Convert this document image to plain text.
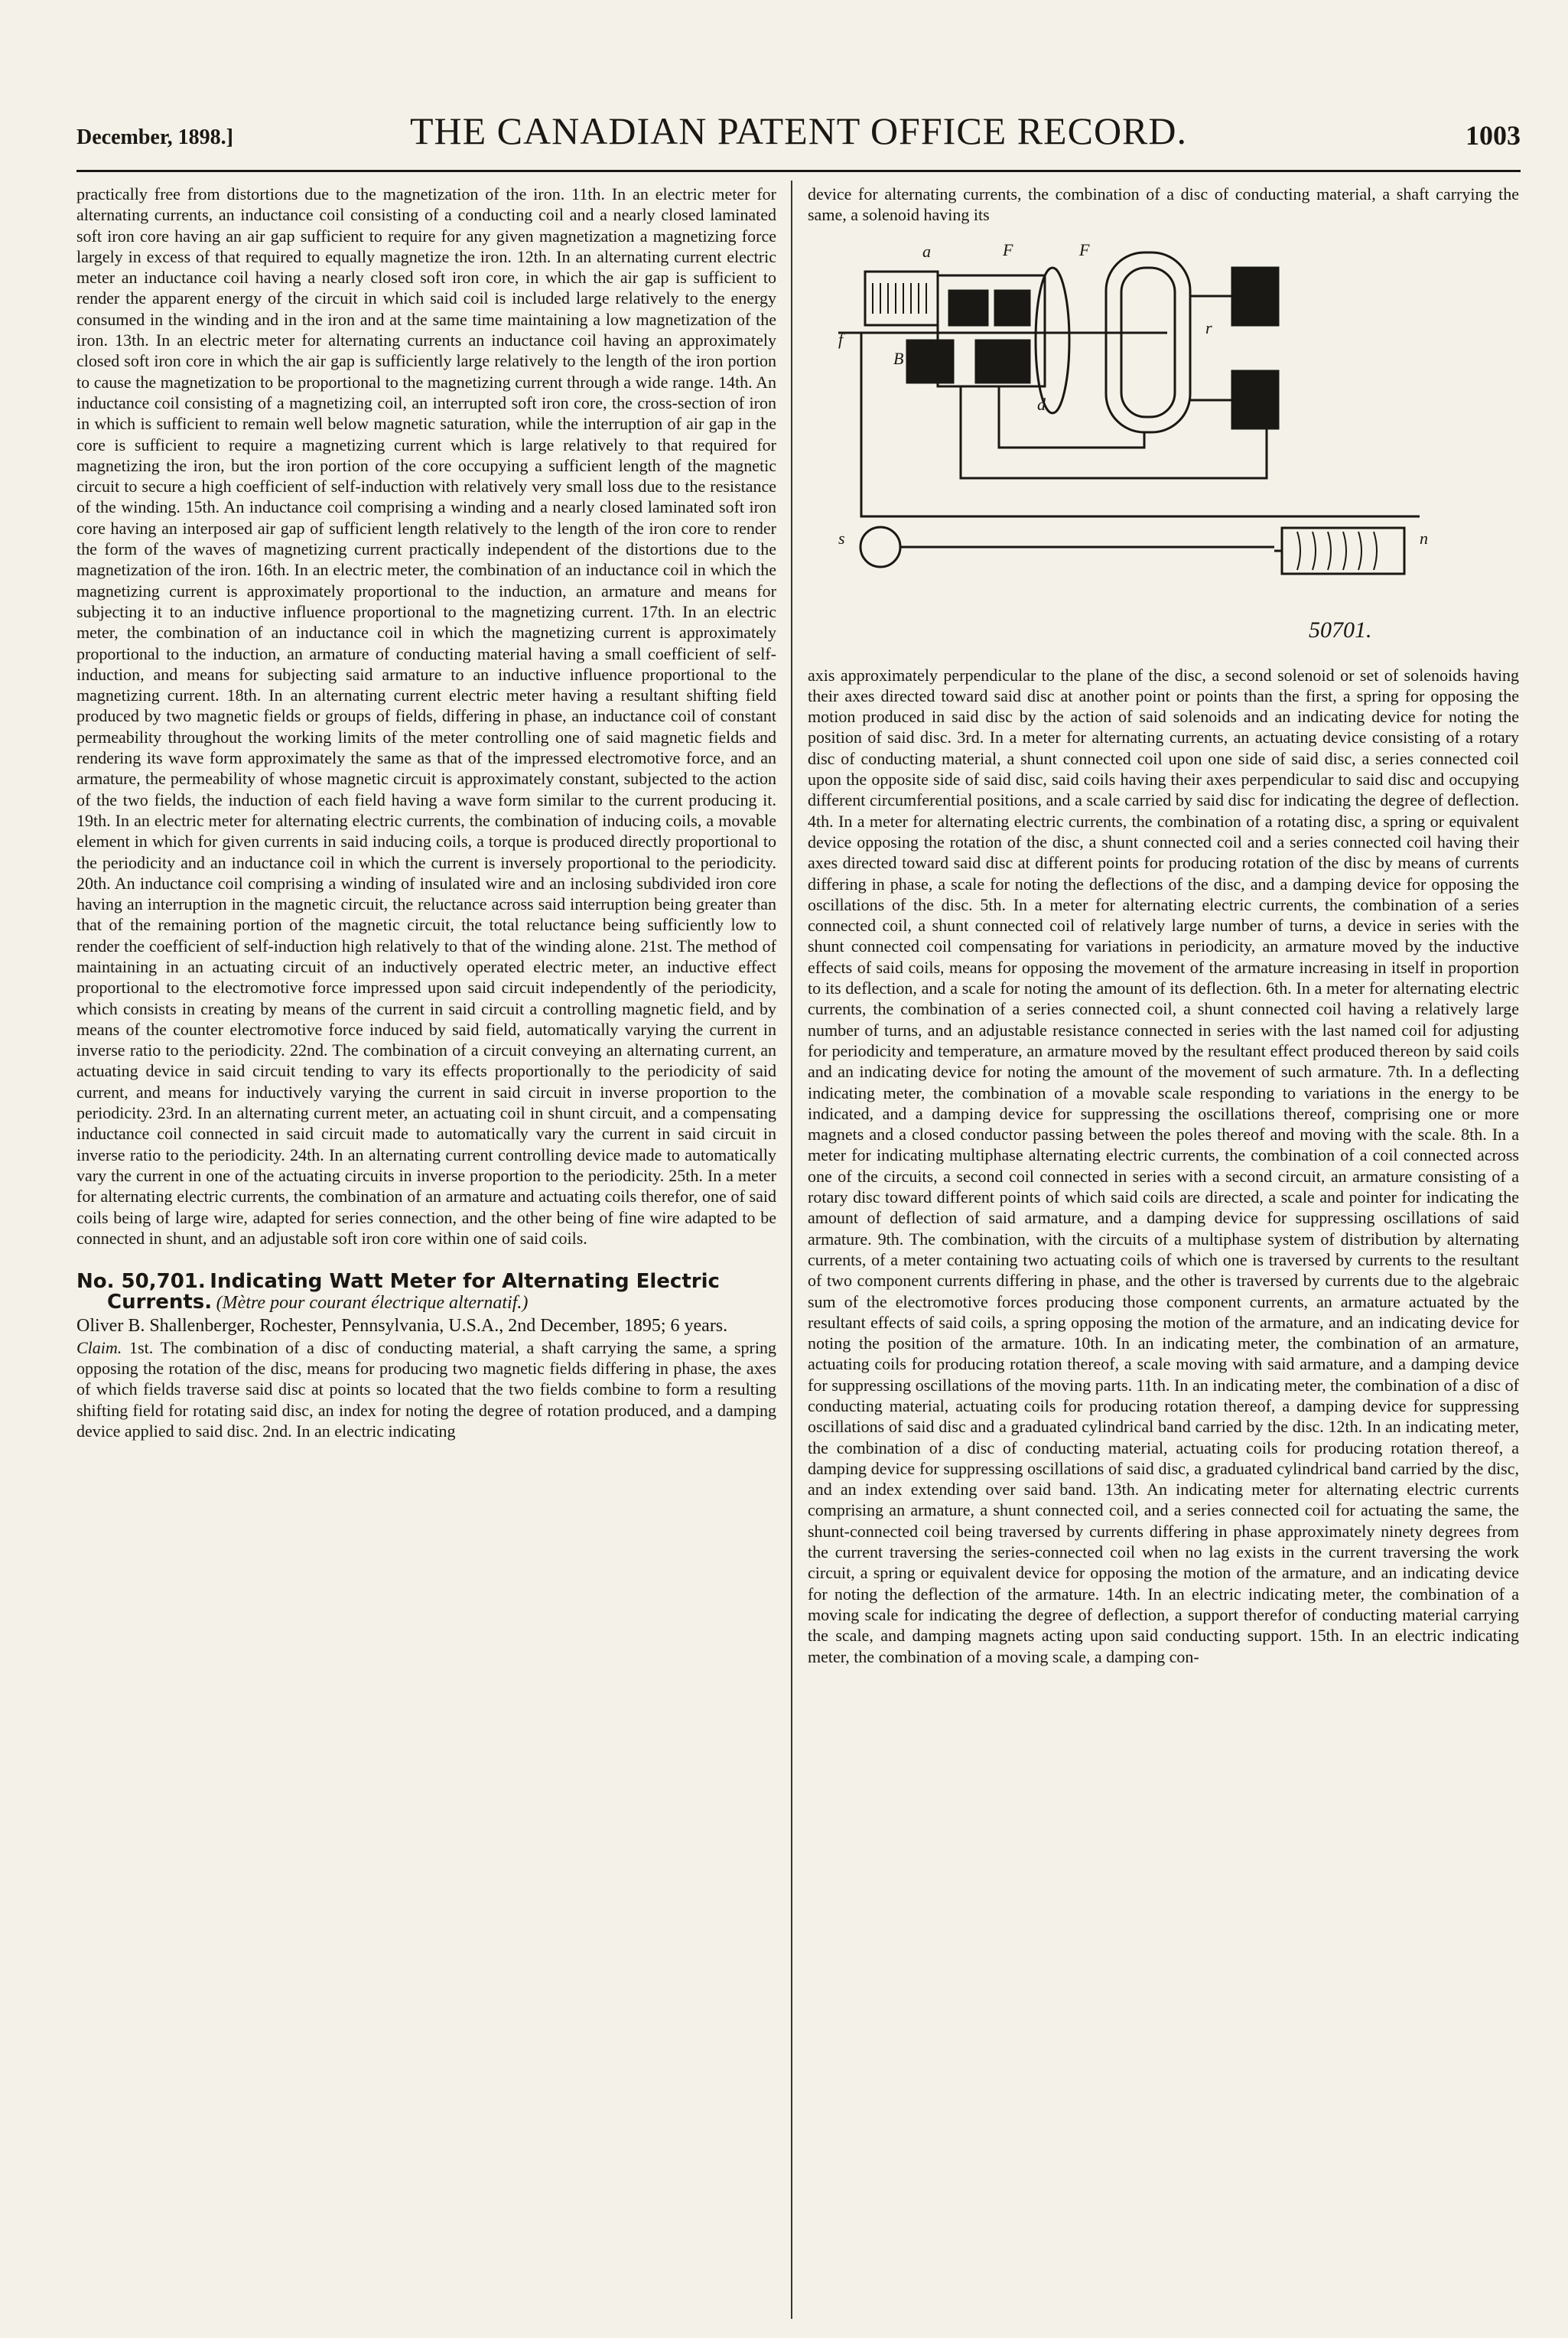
December, 1898.]	THE CANADIAN PATENT OFFICE RECORD.	1003

practically free from distortions due to the magnetization of the iron. 11th. In an electric meter for alternating currents, an inductance coil consisting of a conducting coil and a nearly closed laminated soft iron core having an air gap sufficient to require for any given magnetization a magnetizing force largely in excess of that required to equally magnetize the iron. 12th. In an alternating current electric meter an inductance coil having a nearly closed soft iron core, in which the air gap is sufficient to render the apparent energy of the circuit in which said coil is included large relatively to the energy consumed in the winding and in the iron and at the same time maintaining a low magnetization of the iron. 13th. In an electric meter for alternating currents an inductance coil having an approximately closed soft iron core in which the air gap is sufficiently large relatively to the length of the iron portion to cause the magnetization to be proportional to the magnetizing current through a wide range. 14th. An inductance coil consisting of a magnetizing coil, an interrupted soft iron core, the cross-section of iron in which is sufficient to remain well below magnetic saturation, while the interruption of air gap in the core is sufficient to require a magnetizing current which is large relatively to that required for magnetizing the iron, but the iron portion of the core occupying a sufficient length of the magnetic circuit to secure a high coefficient of self-induction with relatively very small loss due to the resistance of the winding. 15th. An inductance coil comprising a winding and a nearly closed laminated soft iron core having an interposed air gap of sufficient length relatively to the length of the iron core to render the form of the waves of magnetizing current practically independent of the distortions due to the magnetization of the iron. 16th. In an electric meter, the combination of an inductance coil in which the magnetizing current is approximately proportional to the induction, an armature and means for subjecting it to an inductive influence proportional to the magnetizing current. 17th. In an electric meter, the combination of an inductance coil in which the magnetizing current is approximately proportional to the induction, an armature of conducting material having a small coefficient of self-induction, and means for subjecting said armature to an inductive influence proportional to the magnetizing current. 18th. In an alternating current electric meter having a resultant shifting field produced by two magnetic fields or groups of fields, differing in phase, an inductance coil of constant permeability throughout the working limits of the meter controlling one of said magnetic fields and rendering its wave form approximately the same as that of the impressed electromotive force, and an armature, the permeability of whose magnetic circuit is approximately constant, subjected to the action of the two fields, the induction of each field having a wave form similar to the current producing it. 19th. In an electric meter for alternating electric currents, the combination of inducing coils, a movable element in which for given currents in said inducing coils, a torque is produced directly proportional to the periodicity and an inductance coil in which the current is inversely proportional to the periodicity. 20th. An inductance coil comprising a winding of insulated wire and an inclosing subdivided iron core having an interruption in the magnetic circuit, the reluctance across said interruption being greater than that of the remaining portion of the magnetic circuit, the total reluctance being sufficiently low to render the coefficient of self-induction high relatively to that of the winding alone. 21st. The method of maintaining in an actuating circuit of an inductively operated electric meter, an inductive effect proportional to the electromotive force impressed upon said circuit independently of the periodicity, which consists in creating by means of the current in said circuit a controlling magnetic field, and by means of the counter electromotive force induced by said field, automatically varying the current in inverse ratio to the periodicity. 22nd. The combination of a circuit conveying an alternating current, an actuating device in said circuit tending to vary its effects proportionally to the periodicity of said current, and means for inductively varying the current in said circuit in inverse proportion to the periodicity. 23rd. In an alternating current meter, an actuating coil in shunt circuit, and a compensating inductance coil connected in said circuit made to automatically vary the current in said circuit in inverse ratio to the periodicity. 24th. In an alternating current controlling device made to automatically vary the current in one of the actuating circuits in inverse proportion to the periodicity. 25th. In a meter for alternating electric currents, the combination of an armature and actuating coils therefor, one of said coils being of large wire, adapted for series connection, and the other being of fine wire adapted to be connected in shunt, and an adjustable soft iron core within one of said coils.

No. 50,701. Indicating Watt Meter for Alternating Electric Currents. (Mètre pour courant électrique alternatif.)

Oliver B. Shallenberger, Rochester, Pennsylvania, U.S.A., 2nd December, 1895; 6 years.

Claim. 1st. The combination of a disc of conducting material, a shaft carrying the same, a spring opposing the rotation of the disc, means for producing two magnetic fields differing in phase, the axes of which fields traverse said disc at points so located that the two fields combine to form a resulting shifting field for rotating said disc, an index for noting the degree of rotation produced, and a damping device applied to said disc. 2nd. In an electric indicating

device for alternating currents, the combination of a disc of conducting material, a shaft carrying the same, a solenoid having its

a	F	F
r
B
d
s
f
n
50701.

axis approximately perpendicular to the plane of the disc, a second solenoid or set of solenoids having their axes directed toward said disc at another point or points than the first, a spring for opposing the motion produced in said disc by the action of said solenoids and an indicating device for noting the position of said disc. 3rd. In a meter for alternating currents, an actuating device consisting of a rotary disc of conducting material, a shunt connected coil upon one side of said disc, a series connected coil upon the opposite side of said disc, said coils having their axes perpendicular to said disc and occupying different circumferential positions, and a scale carried by said disc for indicating the degree of deflection. 4th. In a meter for alternating electric currents, the combination of a rotating disc, a spring or equivalent device opposing the rotation of the disc, a shunt connected coil and a series connected coil having their axes directed toward said disc at different points for producing rotation of the disc by means of currents differing in phase, a scale for noting the deflections of the disc, and a damping device for opposing the oscillations of the disc. 5th. In a meter for alternating electric currents, the combination of a series connected coil, a shunt connected coil of relatively large number of turns, a device in series with the shunt connected coil compensating for variations in periodicity, an armature moved by the inductive effects of said coils, means for opposing the movement of the armature increasing in itself in proportion to its deflection, and a scale for noting the amount of its deflection. 6th. In a meter for alternating electric currents, the combination of a series connected coil, a shunt connected coil having a relatively large number of turns, and an adjustable resistance connected in series with the last named coil for adjusting for periodicity and temperature, an armature moved by the resultant effect produced thereon by said coils and an indicating device for noting the amount of the movement of such armature. 7th. In a deflecting indicating meter, the combination of a movable scale responding to variations in the energy to be indicated, and a damping device for suppressing the oscillations thereof, comprising one or more magnets and a closed conductor passing between the poles thereof and moving with the scale. 8th. In a meter for indicating multiphase alternating electric currents, the combination of a coil connected across one of the circuits, a second coil connected in series with a second circuit, an armature consisting of a rotary disc toward different points of which said coils are directed, a scale and pointer for indicating the amount of deflection of said armature, and a damping device for suppressing oscillations of said armature. 9th. The combination, with the circuits of a multiphase system of distribution by alternating currents, of a meter containing two actuating coils of which one is traversed by currents to the resultant of two component currents differing in phase, and the other is traversed by currents due to the algebraic sum of the electromotive forces producing those component currents, an armature actuated by the resultant effects of said coils, a spring opposing the motion of the armature, and an indicating device for noting the position of the armature. 10th. In an indicating meter, the combination of an armature, actuating coils for producing rotation thereof, a scale moving with said armature, and a damping device for suppressing oscillations of the moving parts. 11th. In an indicating meter, the combination of a disc of conducting material, actuating coils for producing rotation thereof, a damping device for suppressing oscillations of said disc and a graduated cylindrical band carried by the disc. 12th. In an indicating meter, the combination of a disc of conducting material, actuating coils for producing rotation thereof, a damping device for suppressing oscillations of said disc, a graduated cylindrical band carried by the disc, and an index extending over said band. 13th. An indicating meter for alternating electric currents comprising an armature, a shunt connected coil, and a series connected coil for actuating the same, the shunt-connected coil being traversed by currents differing in phase approximately ninety degrees from the current traversing the series-connected coil when no lag exists in the current traversing the work circuit, a spring or equivalent device for opposing the motion of the armature, and an indicating device for noting the deflection of the armature. 14th. In an electric indicating meter, the combination of a moving scale for indicating the degree of deflection, a support therefor of conducting material carrying the scale, and damping magnets acting upon said conducting support. 15th. In an electric indicating meter, the combination of a moving scale, a damping con-
